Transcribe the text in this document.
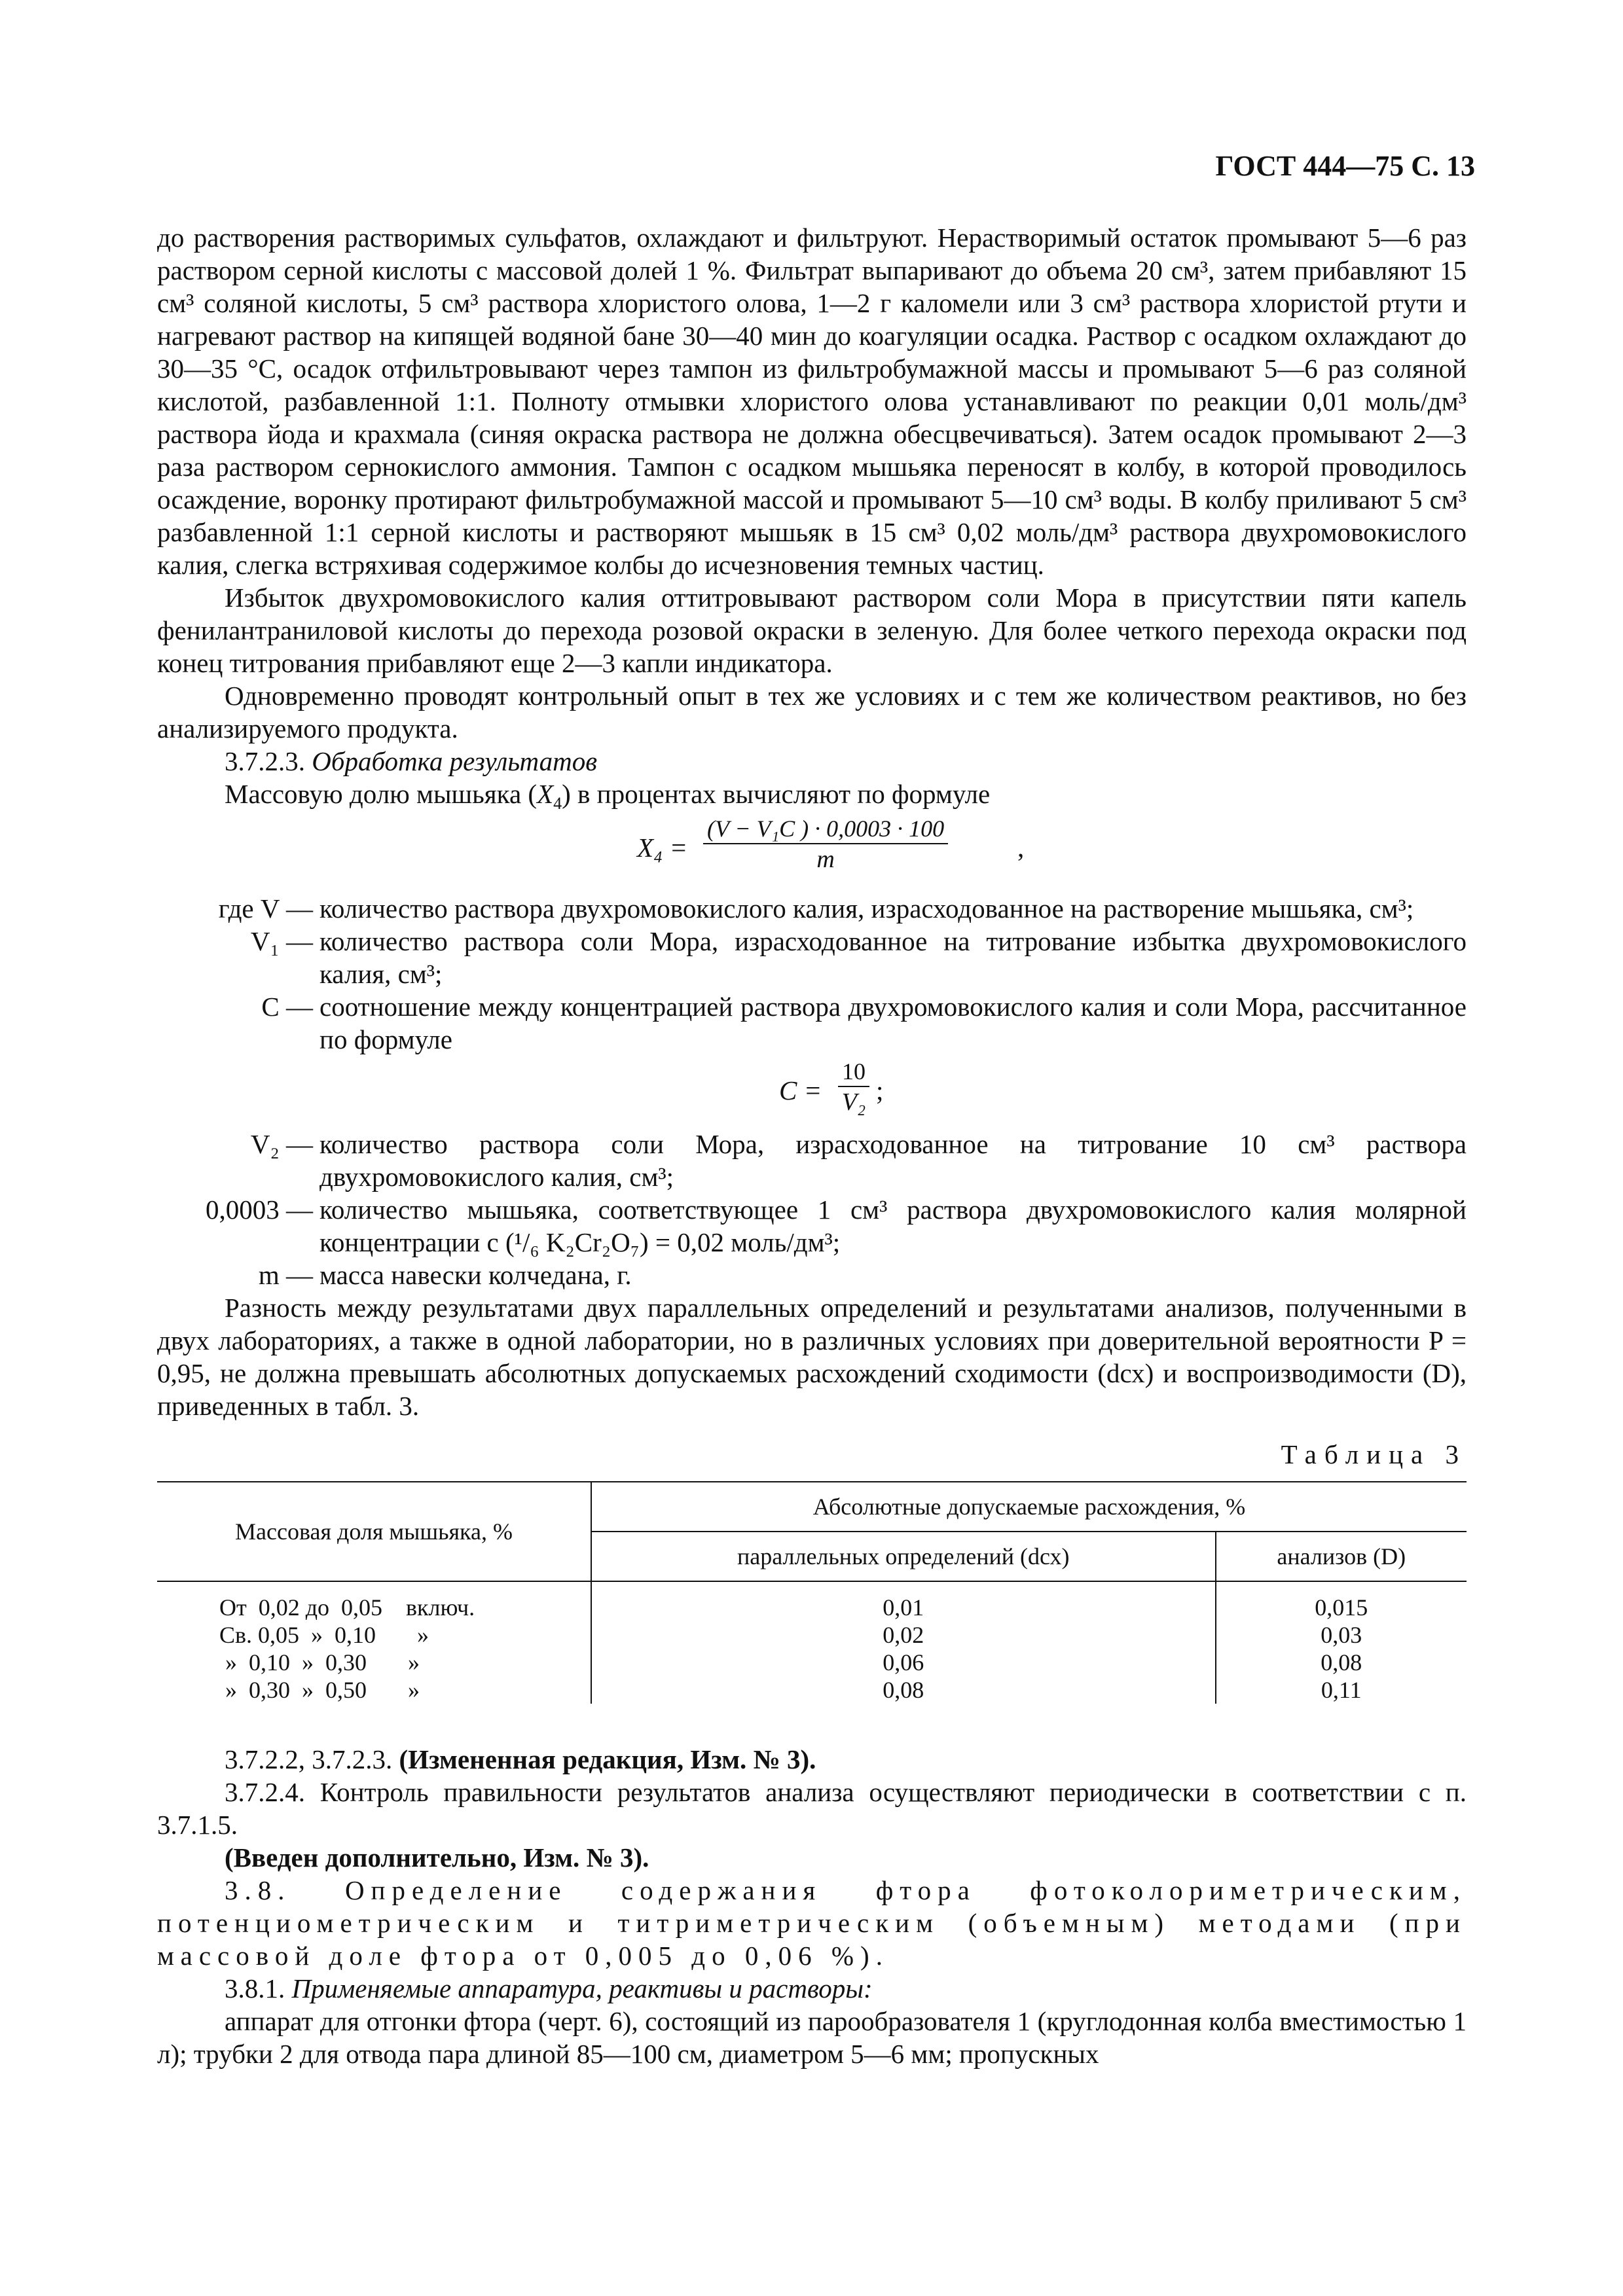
ГОСТ 444—75 С. 13

до растворения растворимых сульфатов, охлаждают и фильтруют. Нерастворимый остаток промывают 5—6 раз раствором серной кислоты с массовой долей 1 %. Фильтрат выпаривают до объема 20 см³, затем прибавляют 15 см³ соляной кислоты, 5 см³ раствора хлористого олова, 1—2 г каломели или 3 см³ раствора хлористой ртути и нагревают раствор на кипящей водяной бане 30—40 мин до коагуляции осадка. Раствор с осадком охлаждают до 30—35 °С, осадок отфильтровывают через тампон из фильтробумажной массы и промывают 5—6 раз соляной кислотой, разбавленной 1:1. Полноту отмывки хлористого олова устанавливают по реакции 0,01 моль/дм³ раствора йода и крахмала (синяя окраска раствора не должна обесцвечиваться). Затем осадок промывают 2—3 раза раствором сернокислого аммония. Тампон с осадком мышьяка переносят в колбу, в которой проводилось осаждение, воронку протирают фильтробумажной массой и промывают 5—10 см³ воды. В колбу приливают 5 см³ разбавленной 1:1 серной кислоты и растворяют мышьяк в 15 см³ 0,02 моль/дм³ раствора двухромовокислого калия, слегка встряхивая содержимое колбы до исчезновения темных частиц.

Избыток двухромовокислого калия оттитровывают раствором соли Мора в присутствии пяти капель фенилантраниловой кислоты до перехода розовой окраски в зеленую. Для более четкого перехода окраски под конец титрования прибавляют еще 2—3 капли индикатора.

Одновременно проводят контрольный опыт в тех же условиях и с тем же количеством реактивов, но без анализируемого продукта.

3.7.2.3. Обработка результатов

Массовую долю мышьяка $(X_4)$ в процентах вычисляют по формуле

$X_4 = \frac{\text{(V − V₁C ) · 0,0003 · 100}}{m}$	,
где V — количество раствора двухромовокислого калия, израсходованное на растворение мышьяка, см³;
V₁ — количество раствора соли Мора, израсходованное на титрование избытка двухромовокислого калия, см³;
С — соотношение между концентрацией раствора двухромовокислого калия и соли Мора, рассчитанное по формуле
$C = \frac{10}{\text{V₂}}$ ;
V₂ — количество раствора соли Мора, израсходованное на титрование 10 см³ раствора двухромовокислого калия, см³;
0,0003 — количество мышьяка, соответствующее 1 см³ раствора двухромовокислого калия молярной концентрации c (¹/₆ K₂Cr₂O₇) = 0,02 моль/дм³;
m — масса навески колчедана, г.

Разность между результатами двух параллельных определений и результатами анализов, полученными в двух лабораториях, а также в одной лаборатории, но в различных условиях при доверительной вероятности P = 0,95, не должна превышать абсолютных допускаемых расхождений сходимости (dсх) и воспроизводимости (D), приведенных в табл. 3.

Таблица 3
Массовая доля мышьяка, %	Абсолютные допускаемые расхождения, %	
	параллельных определений (dсх)	анализов (D)
От  0,02 до  0,05    включ.	0,01	0,015
Св. 0,05  »  0,10       »	0,02	0,03
»  0,10  »  0,30       »	0,06	0,08
»  0,30  »  0,50       »	0,08	0,11

3.7.2.2, 3.7.2.3. (Измененная редакция, Изм. № 3).

3.7.2.4. Контроль правильности результатов анализа осуществляют периодически в соответствии с п. 3.7.1.5.

(Введен дополнительно, Изм. № 3).

3.8. Определение содержания фтора фотоколориметрическим, потенциометрическим и титриметрическим (объемным) методами (при массовой доле фтора от 0,005 до 0,06 %).

3.8.1. Применяемые аппаратура, реактивы и растворы:

аппарат для отгонки фтора (черт. 6), состоящий из парообразователя 1 (круглодонная колба вместимостью 1 л); трубки 2 для отвода пара длиной 85—100 см, диаметром 5—6 мм; пропускных
